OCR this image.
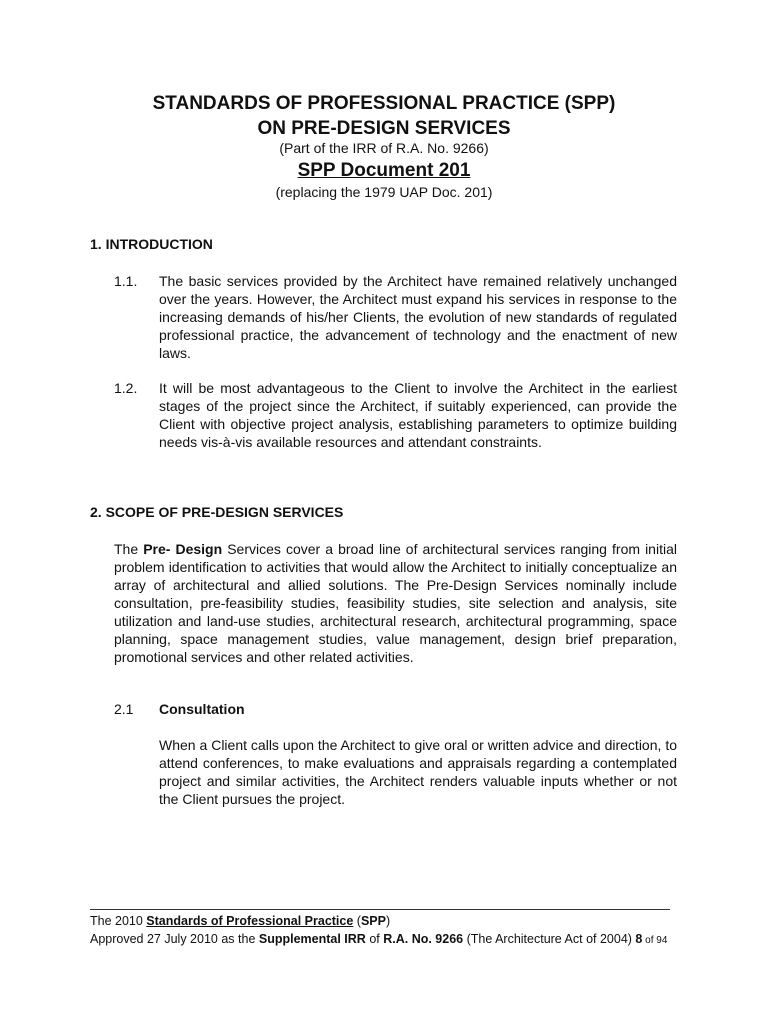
STANDARDS OF PROFESSIONAL PRACTICE (SPP)
ON PRE-DESIGN SERVICES
(Part of the IRR of R.A. No. 9266)
SPP Document 201
(replacing the 1979 UAP Doc. 201)
1. INTRODUCTION
1.1. The basic services provided by the Architect have remained relatively unchanged over the years. However, the Architect must expand his services in response to the increasing demands of his/her Clients, the evolution of new standards of regulated professional practice, the advancement of technology and the enactment of new laws.
1.2. It will be most advantageous to the Client to involve the Architect in the earliest stages of the project since the Architect, if suitably experienced, can provide the Client with objective project analysis, establishing parameters to optimize building needs vis-à-vis available resources and attendant constraints.
2. SCOPE OF PRE-DESIGN SERVICES
The Pre- Design Services cover a broad line of architectural services ranging from initial problem identification to activities that would allow the Architect to initially conceptualize an array of architectural and allied solutions. The Pre-Design Services nominally include consultation, pre-feasibility studies, feasibility studies, site selection and analysis, site utilization and land-use studies, architectural research, architectural programming, space planning, space management studies, value management, design brief preparation, promotional services and other related activities.
2.1 Consultation
When a Client calls upon the Architect to give oral or written advice and direction, to attend conferences, to make evaluations and appraisals regarding a contemplated project and similar activities, the Architect renders valuable inputs whether or not the Client pursues the project.
The 2010 Standards of Professional Practice (SPP)
Approved 27 July 2010 as the Supplemental IRR of R.A. No. 9266 (The Architecture Act of 2004) 8 of 94
